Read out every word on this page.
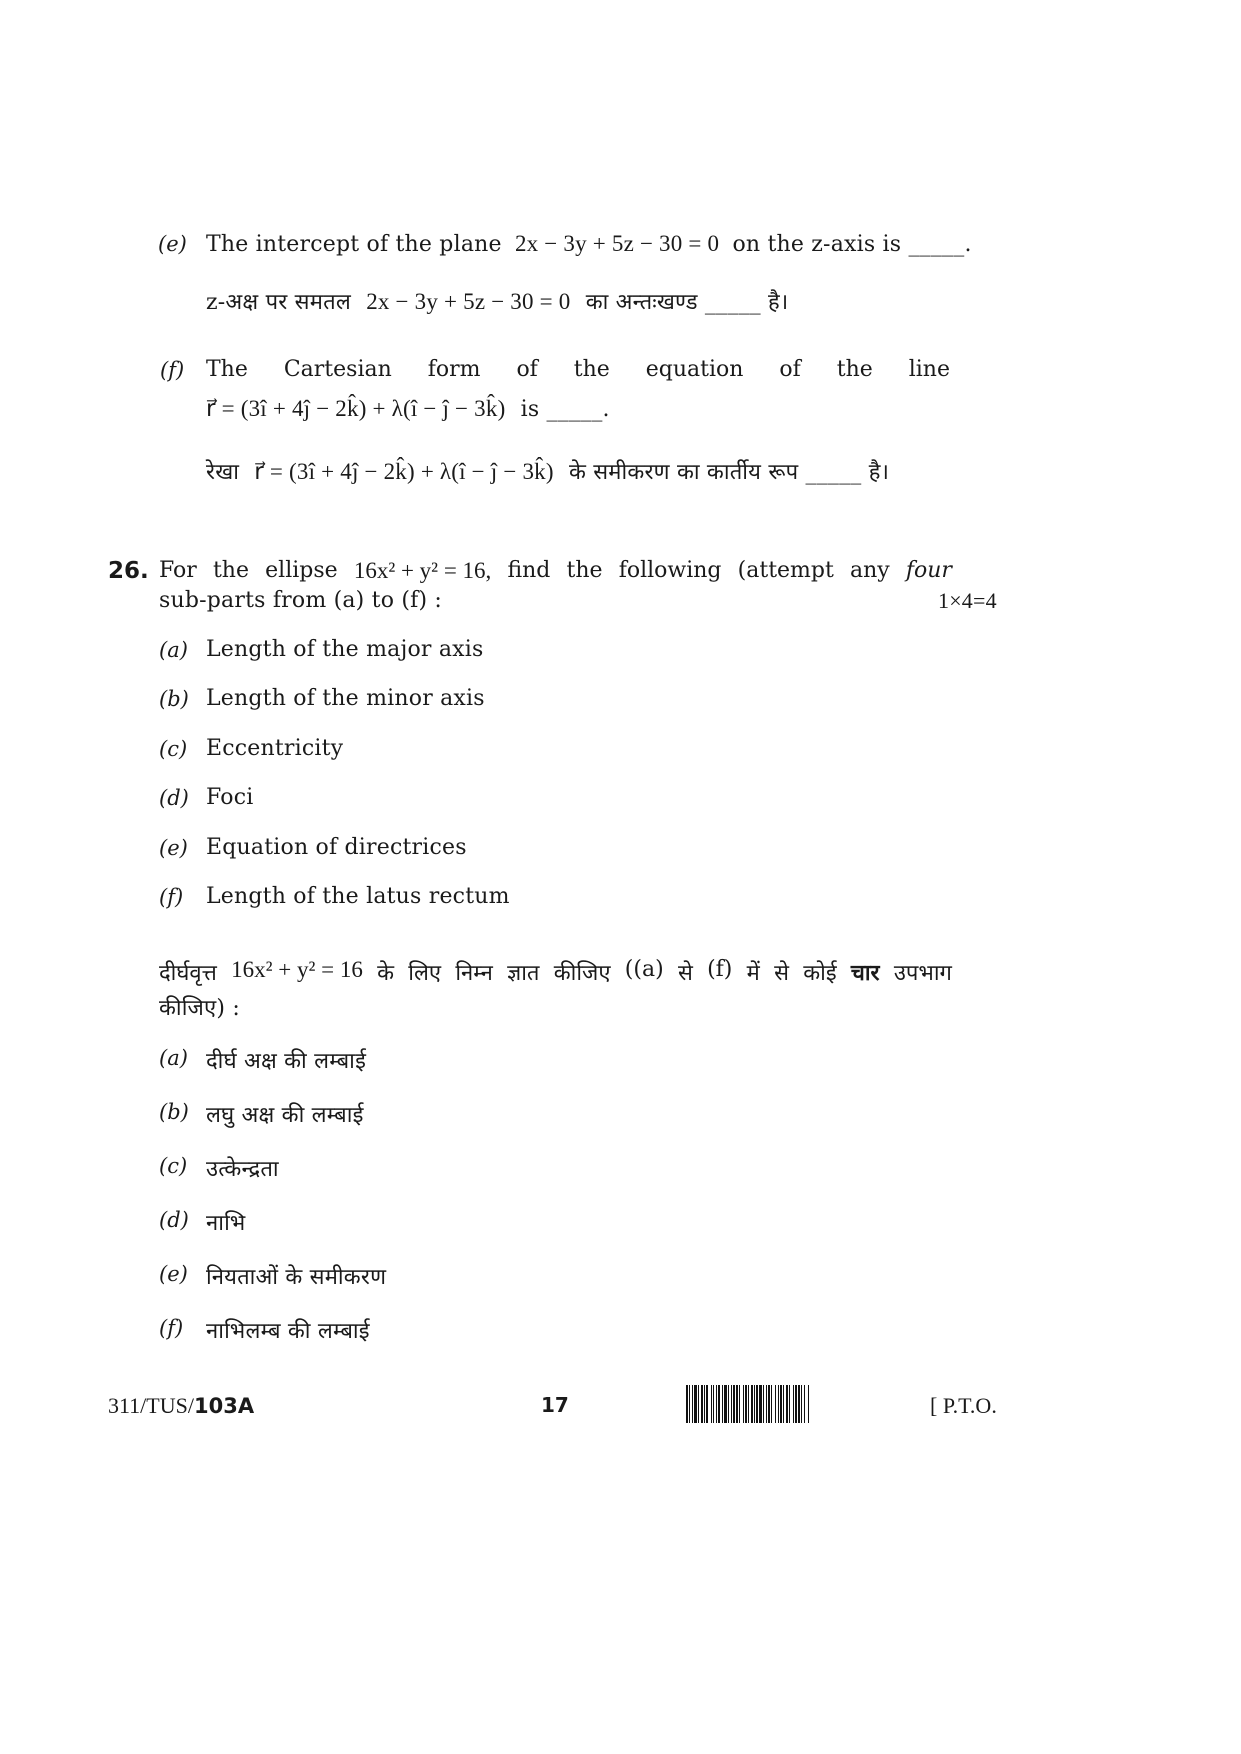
(e) The intercept of the plane 2x − 3y + 5z − 30 = 0 on the z-axis is _____.
z-अक्ष पर समतल 2x − 3y + 5z − 30 = 0 का अन्तःखण्ड _____ है।
(f) The Cartesian form of the equation of the line
r⃗ = (3î + 4ĵ − 2k̂) + λ(î − ĵ − 3k̂) is _____.
रेखा r⃗ = (3î + 4ĵ − 2k̂) + λ(î − ĵ − 3k̂) के समीकरण का कार्तीय रूप _____ है।
26. For the ellipse 16x² + y² = 16, find the following (attempt any four
sub-parts from (a) to (f) :	1×4=4
(a) Length of the major axis
(b) Length of the minor axis
(c) Eccentricity
(d) Foci
(e) Equation of directrices
(f) Length of the latus rectum
दीर्घवृत्त 16x² + y² = 16 के लिए निम्न ज्ञात कीजिए ((a) से (f) में से कोई चार उपभाग
कीजिए) :
(a) दीर्घ अक्ष की लम्बाई
(b) लघु अक्ष की लम्बाई
(c) उत्केन्द्रता
(d) नाभि
(e) नियताओं के समीकरण
(f) नाभिलम्ब की लम्बाई
311/TUS/103A	17	[ P.T.O.
